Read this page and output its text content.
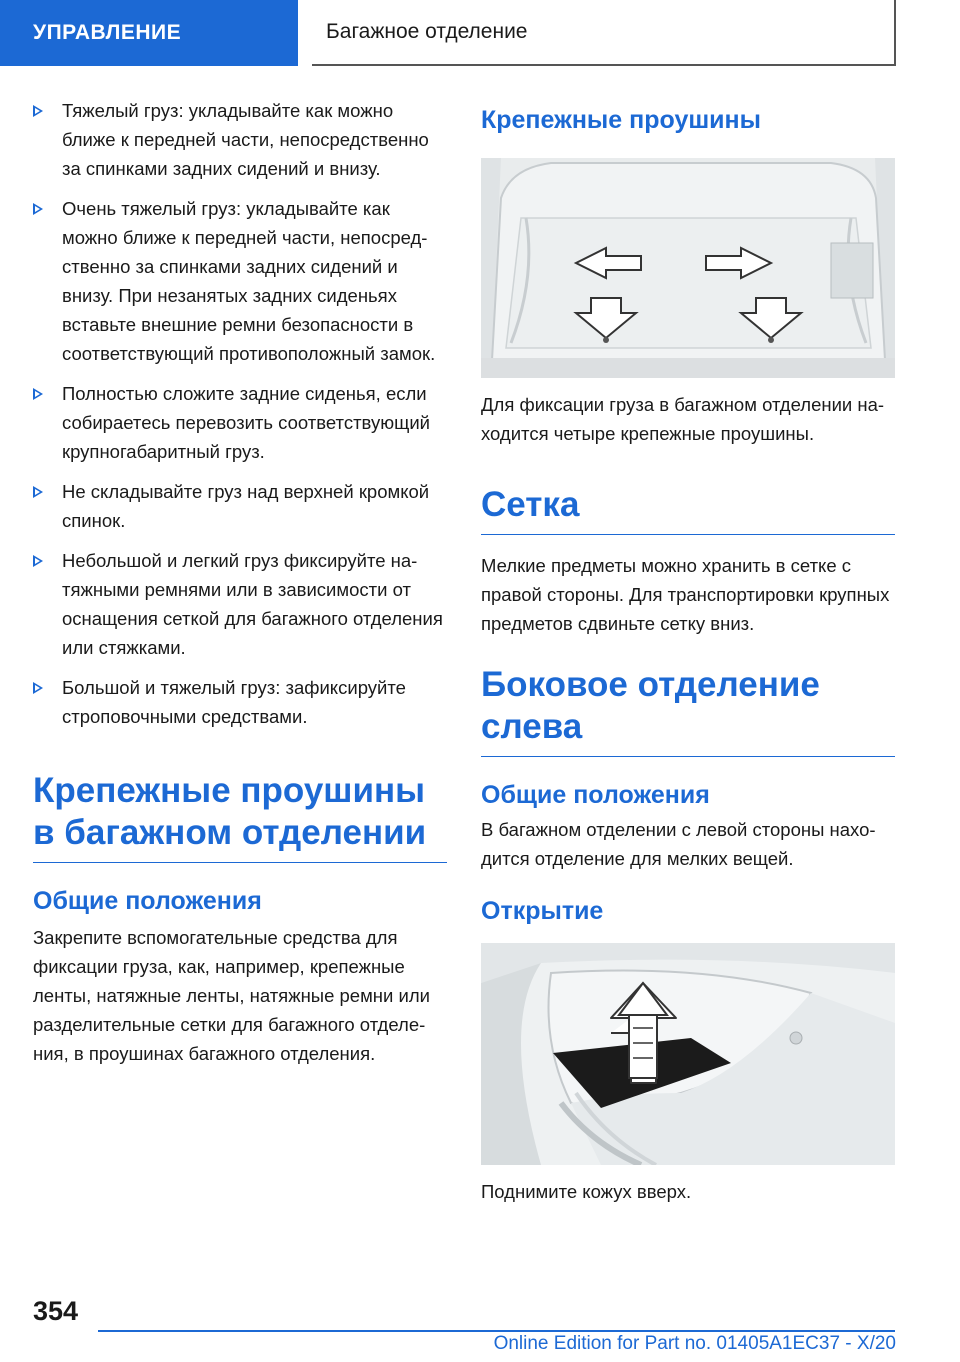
УПРАВЛЕНИЕ	Багажное отделение
Тяжелый груз: укладывайте как можно ближе к передней части, непосредственно за спинками задних сидений и внизу.
Очень тяжелый груз: укладывайте как можно ближе к передней части, непосредственно за спинками задних сидений и внизу. При незанятых задних сиденьях вставьте внешние ремни безопасности в соответствующий противоположный замок.
Полностью сложите задние сиденья, если собираетесь перевозить соответствующий крупногабаритный груз.
Не складывайте груз над верхней кромкой спинок.
Небольшой и легкий груз фиксируйте натяжными ремнями или в зависимости от оснащения сеткой для багажного отделения или стяжками.
Большой и тяжелый груз: зафиксируйте строповочными средствами.
Крепежные проушины в багажном отделении
Общие положения

Закрепите вспомогательные средства для фиксации груза, как, например, крепежные ленты, натяжные ленты, натяжные ремни или разделительные сетки для багажного отделения, в проушинах багажного отделения.

Крепежные проушины

Для фиксации груза в багажном отделении находится четыре крепежные проушины.

Сетка

Мелкие предметы можно хранить в сетке с правой стороны. Для транспортировки крупных предметов сдвиньте сетку вниз.

Боковое отделение слева
Общие положения

В багажном отделении с левой стороны находится отделение для мелких вещей.

Открытие

Поднимите кожух вверх.

354
Online Edition for Part no. 01405A1EC37 - X/20
